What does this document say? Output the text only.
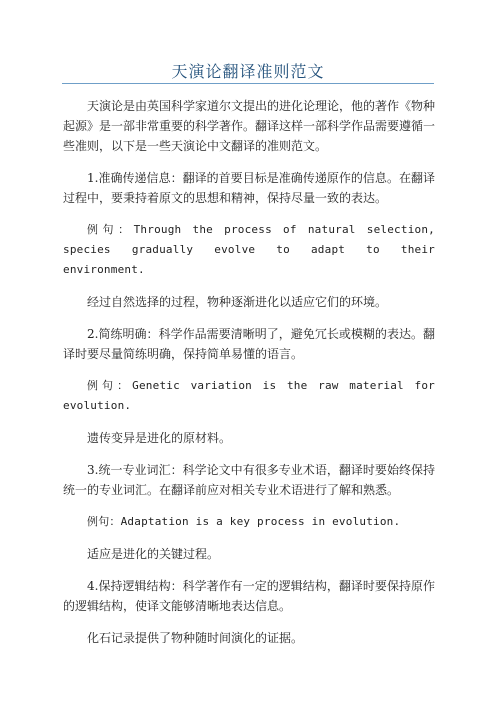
天演论翻译准则范文

天演论是由英国科学家道尔文提出的进化论理论，他的著作《物种起源》是一部非常重要的科学著作。翻译这样一部科学作品需要遵循一些准则，以下是一些天演论中文翻译的准则范文。

1.准确传递信息：翻译的首要目标是准确传递原作的信息。在翻译过程中，要秉持着原文的思想和精神，保持尽量一致的表达。

例句：Through the process of natural selection, species gradually evolve to adapt to their environment.

经过自然选择的过程，物种逐渐进化以适应它们的环境。

2.简练明确：科学作品需要清晰明了，避免冗长或模糊的表达。翻译时要尽量简练明确，保持简单易懂的语言。

例句：Genetic variation is the raw material for evolution.

遗传变异是进化的原材料。

3.统一专业词汇：科学论文中有很多专业术语，翻译时要始终保持统一的专业词汇。在翻译前应对相关专业术语进行了解和熟悉。

例句：Adaptation is a key process in evolution.

适应是进化的关键过程。

4.保持逻辑结构：科学著作有一定的逻辑结构，翻译时要保持原作的逻辑结构，使译文能够清晰地表达信息。

化石记录提供了物种随时间演化的证据。
